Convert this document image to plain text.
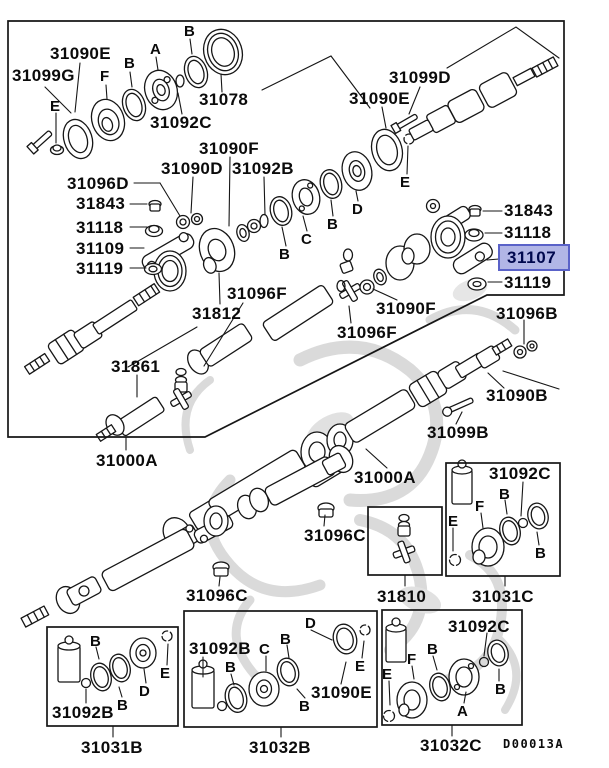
31090E
31099G F
B
A
B
31078
31092C
E
31090F
31090D 31092B
31096D
31843
31118
31109
31119
31099D
31090E
E
31812
31096F
B
C
B
D	31843
31118
31107
31119
31096B
31090F
31096F
31090B
31099B
31861
31000A
31000A
31096C
31096C
31092B
B
B
D
E
31031B
31092B C
B
B
B
D
E
31090E
31032B
31810	31031C
31092C
E
F
B
B
31092C
E
F
B
A
B
31032C D00013A
